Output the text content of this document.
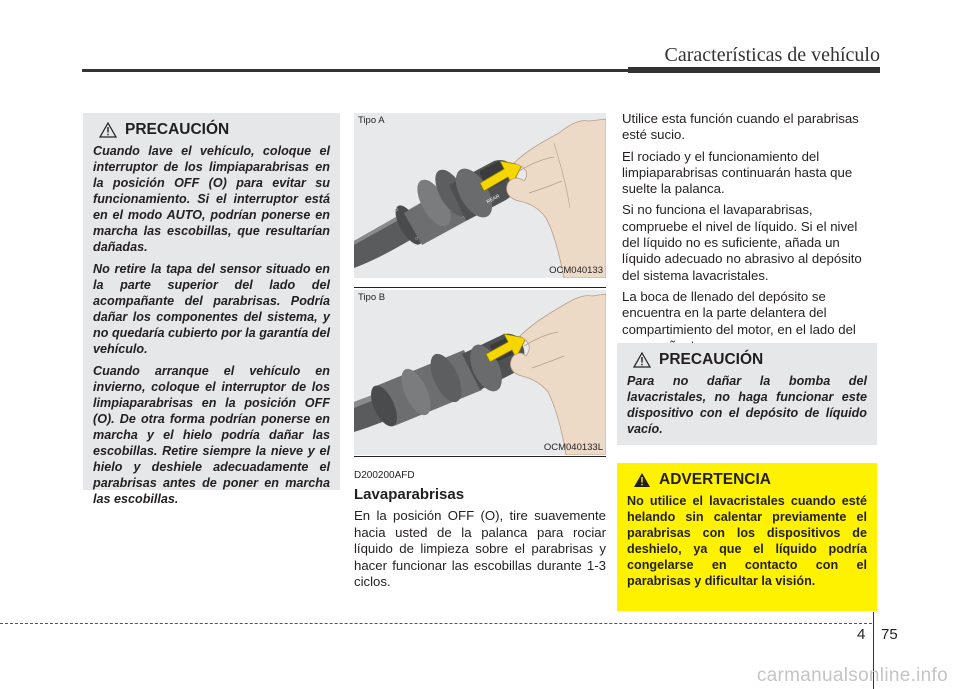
Características de vehículo
PRECAUCIÓN

Cuando lave el vehículo, coloque el interruptor de los limpiaparabrisas en la posición OFF (O) para evitar su funcionamiento. Si el interruptor está en el modo AUTO, podrían ponerse en marcha las escobillas, que resultarían dañadas.

No retire la tapa del sensor situado en la parte superior del lado del acompañante del parabrisas. Podría dañar los componentes del sistema, y no quedaría cubierto por la garantía del vehículo.

Cuando arranque el vehículo en invierno, coloque el interruptor de los limpiaparabrisas en la posición OFF (O). De otra forma podrían ponerse en marcha y el hielo podría dañar las escobillas. Retire siempre la nieve y el hielo y deshiele adecuadamente el parabrisas antes de poner en marcha las escobillas.

REAR
▭
○
Tipo A
OCM040133
Tipo B
OCM040133L
D200200AFD
Lavaparabrisas

En la posición OFF (O), tire suavemente hacia usted de la palanca para rociar líquido de limpieza sobre el parabrisas y hacer funcionar las escobillas durante 1-3 ciclos.

Utilice esta función cuando el parabrisas esté sucio.

El rociado y el funcionamiento del limpiaparabrisas continuarán hasta que suelte la palanca.

Si no funciona el lavaparabrisas, compruebe el nivel de líquido. Si el nivel del líquido no es suficiente, añada un líquido adecuado no abrasivo al depósito del sistema lavacristales.

La boca de llenado del depósito se encuentra en la parte delantera del compartimiento del motor, en el lado del

PRECAUCIÓN

Para no dañar la bomba del lavacristales, no haga funcionar este dispositivo con el depósito de líquido vacío.

ADVERTENCIA

No utilice el lavacristales cuando esté helando sin calentar previamente el parabrisas con los dispositivos de deshielo, ya que el líquido podría congelarse en contacto con el parabrisas y dificultar la visión.

4 75
carmanualsonline.info
